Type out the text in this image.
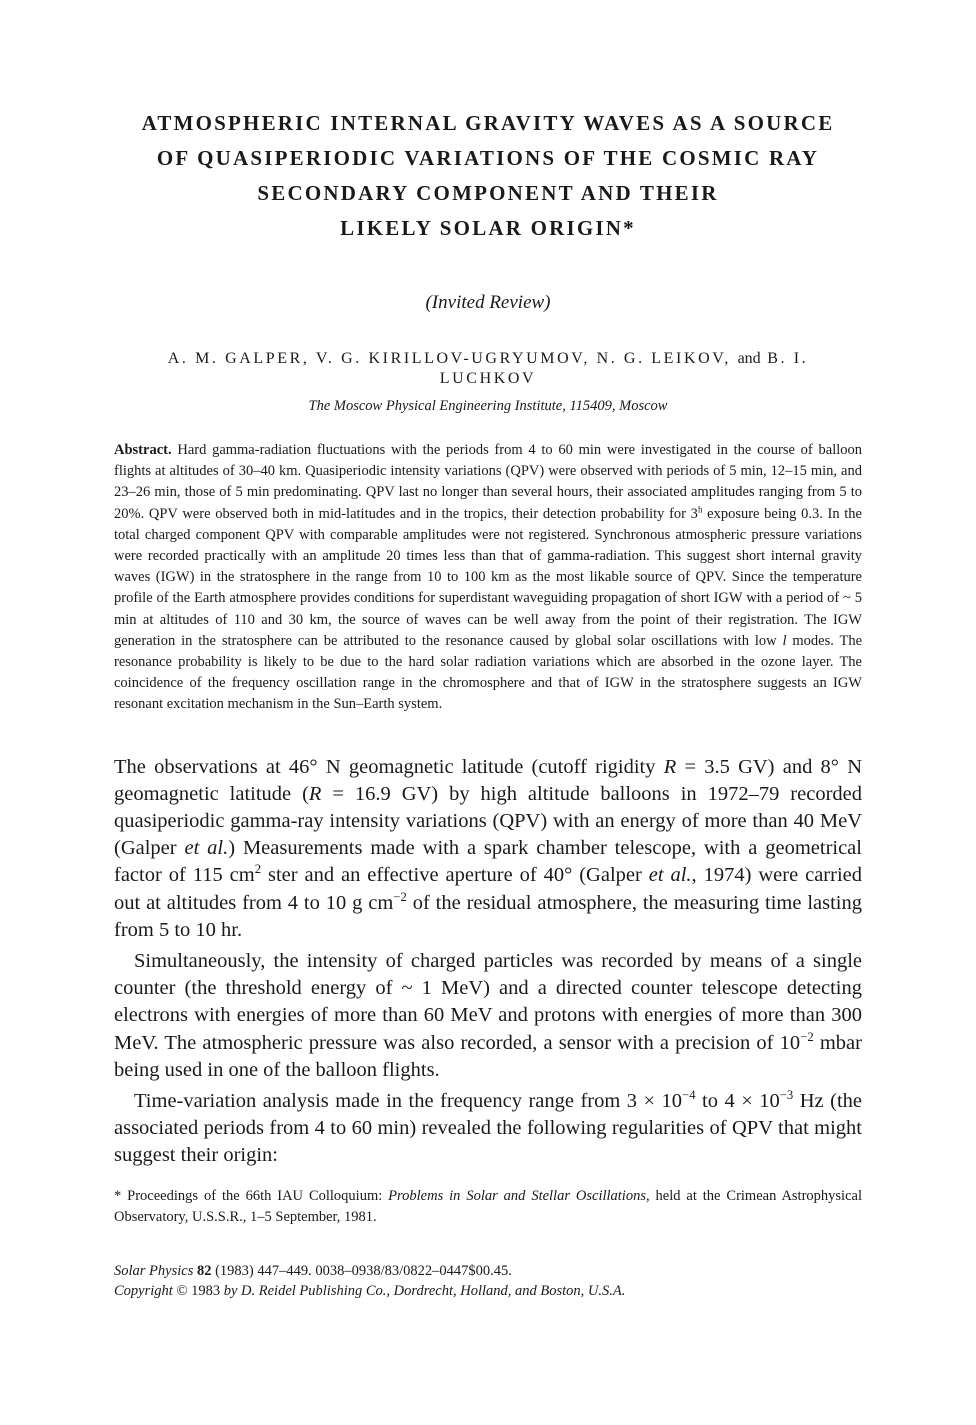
ATMOSPHERIC INTERNAL GRAVITY WAVES AS A SOURCE
OF QUASIPERIODIC VARIATIONS OF THE COSMIC RAY
SECONDARY COMPONENT AND THEIR
LIKELY SOLAR ORIGIN*
(Invited Review)
A. M. GALPER, V. G. KIRILLOV-UGRYUMOV, N. G. LEIKOV, and B. I.
LUCHKOV
The Moscow Physical Engineering Institute, 115409, Moscow
Abstract. Hard gamma-radiation fluctuations with the periods from 4 to 60 min were investigated in the course of balloon flights at altitudes of 30–40 km. Quasiperiodic intensity variations (QPV) were observed with periods of 5 min, 12–15 min, and 23–26 min, those of 5 min predominating. QPV last no longer than several hours, their associated amplitudes ranging from 5 to 20%. QPV were observed both in mid-latitudes and in the tropics, their detection probability for 3$^h$ exposure being 0.3. In the total charged component QPV with comparable amplitudes were not registered. Synchronous atmospheric pressure variations were recorded practically with an amplitude 20 times less than that of gamma-radiation. This suggest short internal gravity waves (IGW) in the stratosphere in the range from 10 to 100 km as the most likable source of QPV. Since the temperature profile of the Earth atmosphere provides conditions for superdistant waveguiding propagation of short IGW with a period of ~ 5 min at altitudes of 110 and 30 km, the source of waves can be well away from the point of their registration. The IGW generation in the stratosphere can be attributed to the resonance caused by global solar oscillations with low l modes. The resonance probability is likely to be due to the hard solar radiation variations which are absorbed in the ozone layer. The coincidence of the frequency oscillation range in the chromosphere and that of IGW in the stratosphere suggests an IGW resonant excitation mechanism in the Sun–Earth system.

The observations at 46° N geomagnetic latitude (cutoff rigidity R = 3.5 GV) and 8° N geomagnetic latitude (R = 16.9 GV) by high altitude balloons in 1972–79 recorded quasiperiodic gamma-ray intensity variations (QPV) with an energy of more than 40 MeV (Galper et al.) Measurements made with a spark chamber telescope, with a geometrical factor of 115 $cm^2$ ster and an effective aperture of 40° (Galper et al., 1974) were carried out at altitudes from 4 to 10 g $cm^{-2}$ of the residual atmosphere, the measuring time lasting from 5 to 10 hr.

Simultaneously, the intensity of charged particles was recorded by means of a single counter (the threshold energy of ~ 1 MeV) and a directed counter telescope detecting electrons with energies of more than 60 MeV and protons with energies of more than 300 MeV. The atmospheric pressure was also recorded, a sensor with a precision of $10^{-2}$ mbar being used in one of the balloon flights.

Time-variation analysis made in the frequency range from $3 \times 10^{-4}$ to $4 \times 10^{-3}$ Hz (the associated periods from 4 to 60 min) revealed the following regularities of QPV that might suggest their origin:

* Proceedings of the 66th IAU Colloquium: Problems in Solar and Stellar Oscillations, held at the Crimean Astrophysical Observatory, U.S.S.R., 1–5 September, 1981.
Solar Physics 82 (1983) 447–449. 0038–0938/83/0822–0447$00.45.
Copyright © 1983 by D. Reidel Publishing Co., Dordrecht, Holland, and Boston, U.S.A.
